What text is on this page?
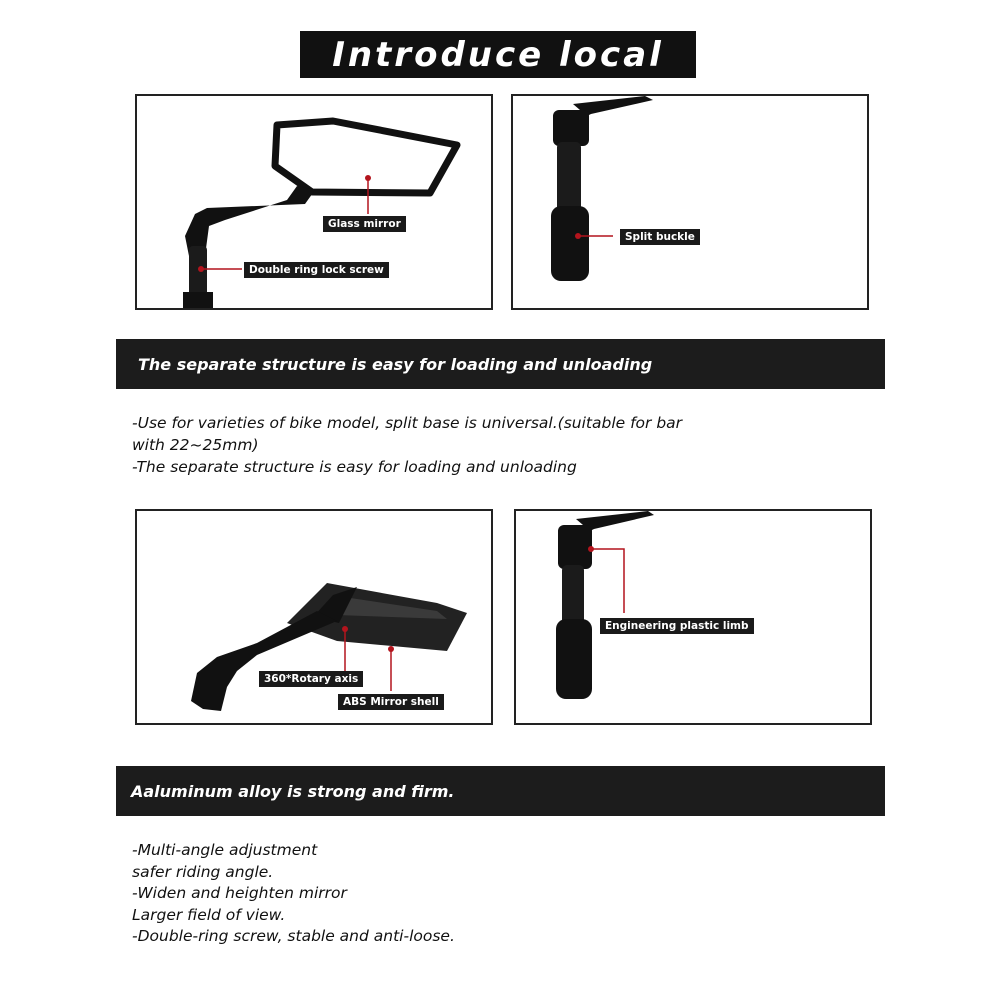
Introduce local
Glass mirror
Double ring lock screw
Split buckle
The separate structure is easy for loading and unloading
-Use for varieties of bike model, split base is universal.(suitable for bar
with 22~25mm)
-The separate structure is easy for loading and unloading
360*Rotary axis
ABS Mirror shell
Engineering plastic limb
Aaluminum alloy is strong and firm.
-Multi-angle adjustment
safer riding angle.
-Widen and heighten mirror
Larger field of view.
-Double-ring screw, stable and anti-loose.
